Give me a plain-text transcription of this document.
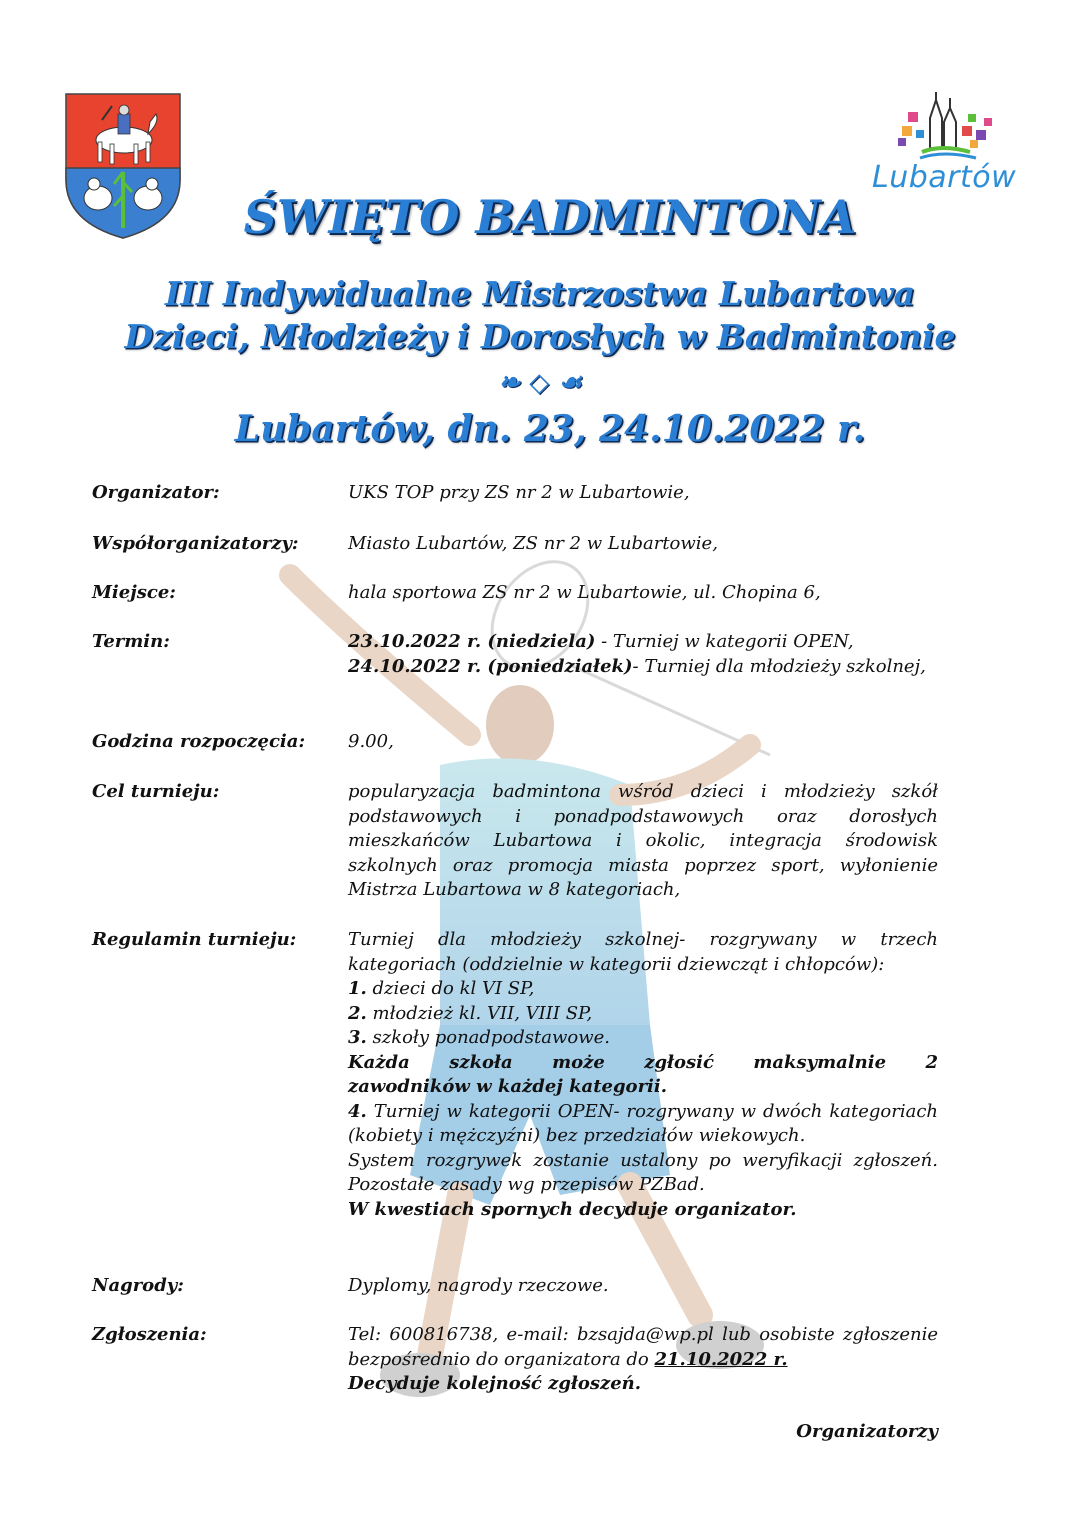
Lubartów
ŚWIĘTO BADMINTONA
III Indywidualne Mistrzostwa Lubartowa
Dzieci, Młodzieży i Dorosłych w Badmintonie
❧ ◇ ☙
Lubartów, dn. 23, 24.10.2022 r.
Organizator:	UKS TOP przy ZS nr 2 w Lubartowie,
Współorganizatorzy:	Miasto Lubartów, ZS nr 2 w Lubartowie,
Miejsce:	hala sportowa ZS nr 2 w Lubartowie, ul. Chopina 6,
Termin:	23.10.2022 r. (niedziela) - Turniej w kategorii OPEN,
24.10.2022 r. (poniedziałek)- Turniej dla młodzieży szkolnej,
Godzina rozpoczęcia:	9.00,
Cel turnieju:	popularyzacja badmintona wśród dzieci i młodzieży szkół podstawowych i ponadpodstawowych oraz dorosłych mieszkańców Lubartowa i okolic, integracja środowisk szkolnych oraz promocja miasta poprzez sport, wyłonienie Mistrza Lubartowa w 8 kategoriach,
Regulamin turnieju:	Turniej dla młodzieży szkolnej- rozgrywany w trzech kategoriach (oddzielnie w kategorii dziewcząt i chłopców):
1. dzieci do kl VI SP,
2. młodzież kl. VII, VIII SP,
3. szkoły ponadpodstawowe.
Każda szkoła może zgłosić maksymalnie 2
zawodników w każdej kategorii.
4. Turniej w kategorii OPEN- rozgrywany w dwóch kategoriach (kobiety i mężczyźni) bez przedziałów wiekowych.
System rozgrywek zostanie ustalony po weryfikacji zgłoszeń. Pozostałe zasady wg przepisów PZBad.
W kwestiach spornych decyduje organizator.
Nagrody:	Dyplomy, nagrody rzeczowe.
Zgłoszenia:	Tel: 600816738, e-mail: bzsajda@wp.pl lub osobiste zgłoszenie bezpośrednio do organizatora do 21.10.2022 r.
Decyduje kolejność zgłoszeń.
Organizatorzy
